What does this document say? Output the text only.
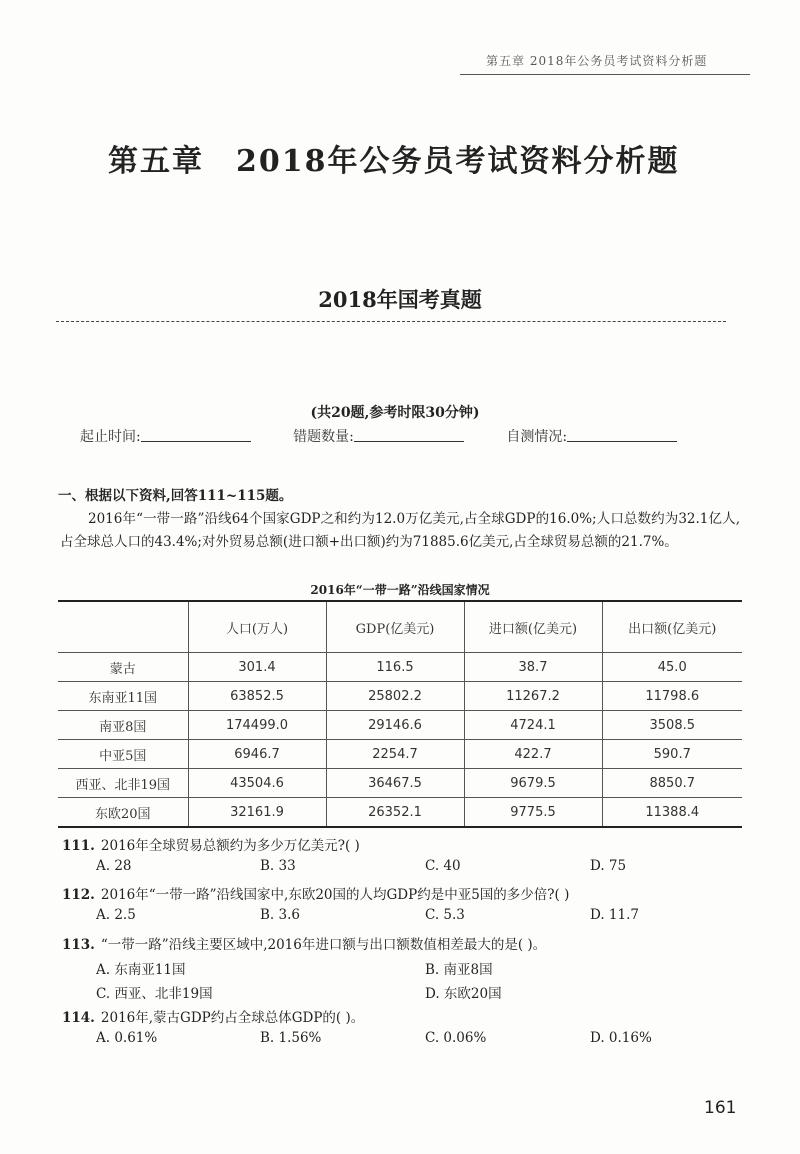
第五章 2018年公务员考试资料分析题
第五章　2018年公务员考试资料分析题
2018年国考真题
(共20题,参考时限30分钟)
起止时间:	错题数量:	自测情况:
一、根据以下资料,回答111~115题。
2016年“一带一路”沿线64个国家GDP之和约为12.0万亿美元,占全球GDP的16.0%;人口总数约为32.1亿人,占全球总人口的43.4%;对外贸易总额(进口额+出口额)约为71885.6亿美元,占全球贸易总额的21.7%。
2016年“一带一路”沿线国家情况
	人口(万人)	GDP(亿美元)	进口额(亿美元)	出口额(亿美元)
蒙古	301.4	116.5	38.7	45.0
东南亚11国	63852.5	25802.2	11267.2	11798.6
南亚8国	174499.0	29146.6	4724.1	3508.5
中亚5国	6946.7	2254.7	422.7	590.7
西亚、北非19国	43504.6	36467.5	9679.5	8850.7
东欧20国	32161.9	26352.1	9775.5	11388.4
111. 2016年全球贸易总额约为多少万亿美元?( )
A. 28	B. 33	C. 40	D. 75
112. 2016年“一带一路”沿线国家中,东欧20国的人均GDP约是中亚5国的多少倍?( )
A. 2.5	B. 3.6	C. 5.3	D. 11.7
113. “一带一路”沿线主要区域中,2016年进口额与出口额数值相差最大的是( )。
A. 东南亚11国	B. 南亚8国
C. 西亚、北非19国	D. 东欧20国
114. 2016年,蒙古GDP约占全球总体GDP的( )。
A. 0.61%	B. 1.56%	C. 0.06%	D. 0.16%
161
